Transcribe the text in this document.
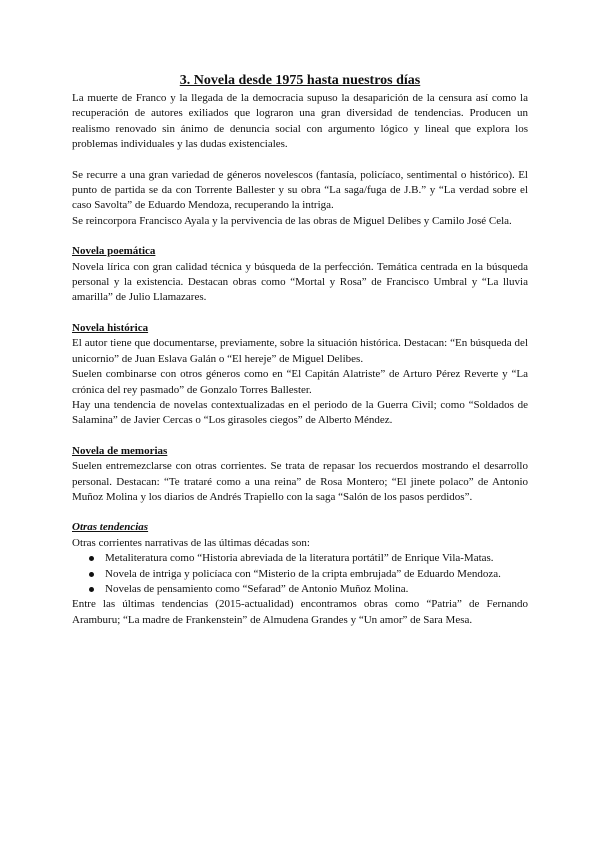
3. Novela desde 1975 hasta nuestros días

La muerte de Franco y la llegada de la democracia supuso la desaparición de la censura así como la recuperación de autores exiliados que lograron una gran diversidad de tendencias. Producen un realismo renovado sin ánimo de denuncia social con argumento lógico y lineal que explora los problemas individuales y las dudas existenciales.

Se recurre a una gran variedad de géneros novelescos (fantasía, policíaco, sentimental o histórico). El punto de partida se da con Torrente Ballester y su obra “La saga/fuga de J.B.” y “La verdad sobre el caso Savolta” de Eduardo Mendoza, recuperando la intriga.

Se reincorpora Francisco Ayala y la pervivencia de las obras de Miguel Delibes y Camilo José Cela.

Novela poemática

Novela lírica con gran calidad técnica y búsqueda de la perfección. Temática centrada en la búsqueda personal y la existencia. Destacan obras como “Mortal y Rosa” de Francisco Umbral y “La lluvia amarilla” de Julio Llamazares.

Novela histórica

El autor tiene que documentarse, previamente, sobre la situación histórica. Destacan: “En búsqueda del unicornio” de Juan Eslava Galán o “El hereje” de Miguel Delibes.

Suelen combinarse con otros géneros como en “El Capitán Alatriste” de Arturo Pérez Reverte y “La crónica del rey pasmado” de Gonzalo Torres Ballester.

Hay una tendencia de novelas contextualizadas en el periodo de la Guerra Civil; como “Soldados de Salamina” de Javier Cercas o “Los girasoles ciegos” de Alberto Méndez.

Novela de memorias

Suelen entremezclarse con otras corrientes. Se trata de repasar los recuerdos mostrando el desarrollo personal. Destacan: “Te trataré como a una reina” de Rosa Montero; “El jinete polaco” de Antonio Muñoz Molina y los diarios de Andrés Trapiello con la saga “Salón de los pasos perdidos”.

Otras tendencias

Otras corrientes narrativas de las últimas décadas son:

Metaliteratura como “Historia abreviada de la literatura portátil” de Enrique Vila-Matas.
Novela de intriga y policíaca con “Misterio de la cripta embrujada” de Eduardo Mendoza.
Novelas de pensamiento como “Sefarad” de Antonio Muñoz Molina.

Entre las últimas tendencias (2015-actualidad) encontramos obras como “Patria” de Fernando Aramburu; “La madre de Frankenstein” de Almudena Grandes y “Un amor” de Sara Mesa.
